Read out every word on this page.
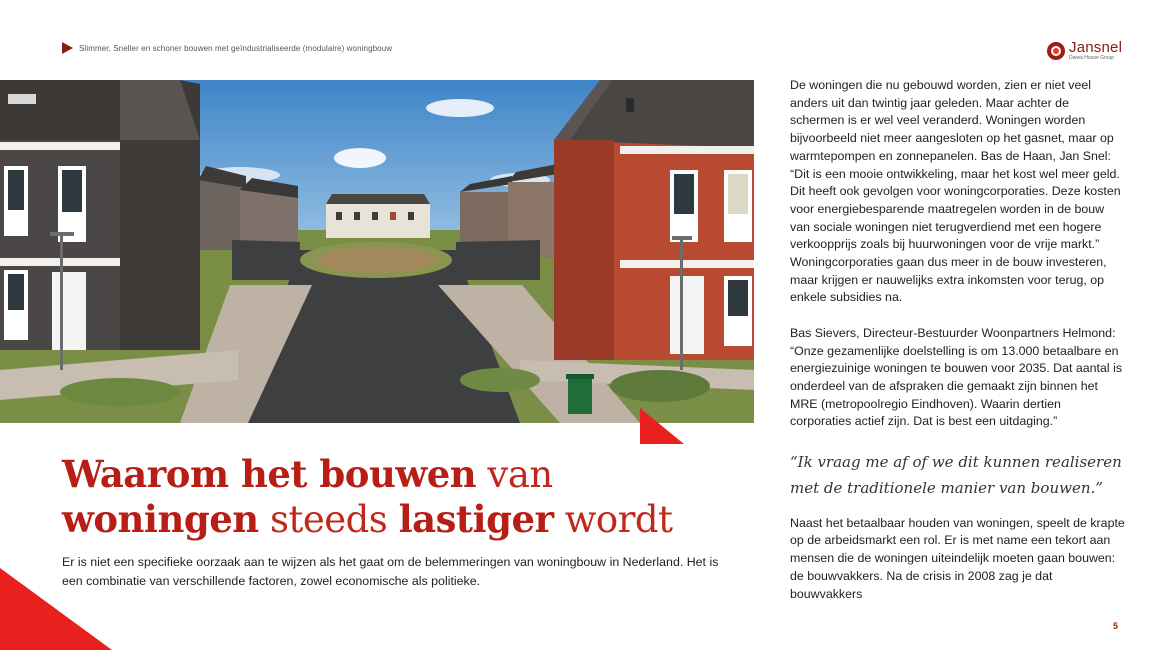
Slimmer, Sneller en schoner bouwen met geïndustrialiseerde (modulaire) woningbouw	Jansnel
Daiwa House Group
Waarom het bouwen van
woningen steeds lastiger wordt

Er is niet een specifieke oorzaak aan te wijzen als het gaat om de belemmeringen van woningbouw in Nederland. Het is een combinatie van verschillende factoren, zowel economische als politieke.

De woningen die nu gebouwd worden, zien er niet veel anders uit dan twintig jaar geleden. Maar achter de schermen is er wel veel veranderd. Woningen worden bijvoorbeeld niet meer aangesloten op het gasnet, maar op warmtepompen en zonnepanelen. Bas de Haan, Jan Snel: “Dit is een mooie ontwikkeling, maar het kost wel meer geld. Dit heeft ook gevolgen voor woningcorporaties. Deze kosten voor energiebesparende maatregelen worden in de bouw van sociale woningen niet terugverdiend met een hogere verkoopprijs zoals bij huurwoningen voor de vrije markt.” Woningcorporaties gaan dus meer in de bouw investeren, maar krijgen er nauwelijks extra inkomsten voor terug, op enkele subsidies na.

Bas Sievers, Directeur-Bestuurder Woonpartners Helmond: “Onze gezamenlijke doelstelling is om 13.000 betaalbare en energiezuinige woningen te bouwen voor 2035. Dat aantal is onderdeel van de afspraken die gemaakt zijn binnen het MRE (metropoolregio Eindhoven). Waarin dertien corporaties actief zijn. Dat is best een uitdaging.”

“Ik vraag me af of we dit kunnen realiseren met de traditionele manier van bouwen.”

Naast het betaalbaar houden van woningen, speelt de krapte op de arbeidsmarkt een rol. Er is met name een tekort aan mensen die de woningen uiteindelijk moeten gaan bouwen: de bouwvakkers. Na de crisis in 2008 zag je dat bouwvakkers

5
